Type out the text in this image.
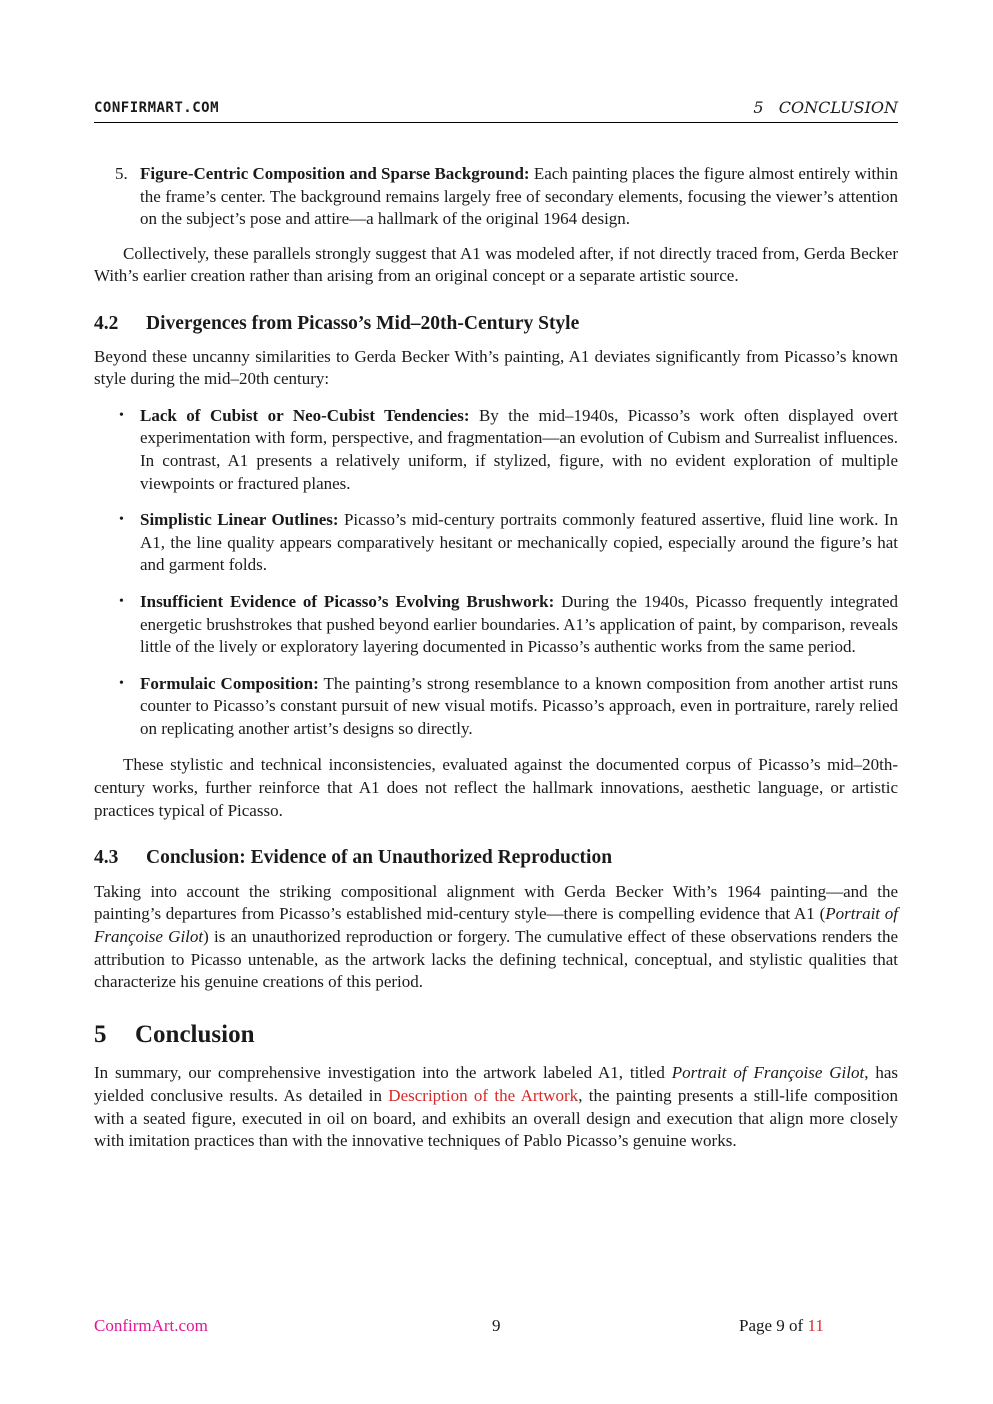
CONFIRMART.COM	5 CONCLUSION
5. Figure-Centric Composition and Sparse Background: Each painting places the figure almost entirely within the frame’s center. The background remains largely free of secondary elements, focusing the viewer’s attention on the subject’s pose and attire—a hallmark of the original 1964 design.

Collectively, these parallels strongly suggest that A1 was modeled after, if not directly traced from, Gerda Becker With’s earlier creation rather than arising from an original concept or a separate artistic source.

4.2 Divergences from Picasso’s Mid–20th-Century Style

Beyond these uncanny similarities to Gerda Becker With’s painting, A1 deviates significantly from Picasso’s known style during the mid–20th century:

• Lack of Cubist or Neo-Cubist Tendencies: By the mid–1940s, Picasso’s work often displayed overt experimentation with form, perspective, and fragmentation—an evolution of Cubism and Surrealist influences. In contrast, A1 presents a relatively uniform, if stylized, figure, with no evident exploration of multiple viewpoints or fractured planes.
• Simplistic Linear Outlines: Picasso’s mid-century portraits commonly featured assertive, fluid line work. In A1, the line quality appears comparatively hesitant or mechanically copied, especially around the figure’s hat and garment folds.
• Insufficient Evidence of Picasso’s Evolving Brushwork: During the 1940s, Picasso frequently integrated energetic brushstrokes that pushed beyond earlier boundaries. A1’s application of paint, by comparison, reveals little of the lively or exploratory layering documented in Picasso’s authentic works from the same period.
• Formulaic Composition: The painting’s strong resemblance to a known composition from another artist runs counter to Picasso’s constant pursuit of new visual motifs. Picasso’s approach, even in portraiture, rarely relied on replicating another artist’s designs so directly.

These stylistic and technical inconsistencies, evaluated against the documented corpus of Picasso’s mid–20th-century works, further reinforce that A1 does not reflect the hallmark innovations, aesthetic language, or artistic practices typical of Picasso.

4.3 Conclusion: Evidence of an Unauthorized Reproduction

Taking into account the striking compositional alignment with Gerda Becker With’s 1964 painting—and the painting’s departures from Picasso’s established mid-century style—there is compelling evidence that A1 (Portrait of Françoise Gilot) is an unauthorized reproduction or forgery. The cumulative effect of these observations renders the attribution to Picasso untenable, as the artwork lacks the defining technical, conceptual, and stylistic qualities that characterize his genuine creations of this period.

5 Conclusion

In summary, our comprehensive investigation into the artwork labeled A1, titled Portrait of Françoise Gilot, has yielded conclusive results. As detailed in Description of the Artwork, the painting presents a still-life composition with a seated figure, executed in oil on board, and exhibits an overall design and execution that align more closely with imitation practices than with the innovative techniques of Pablo Picasso’s genuine works.

ConfirmArt.com	9	Page 9 of 11
